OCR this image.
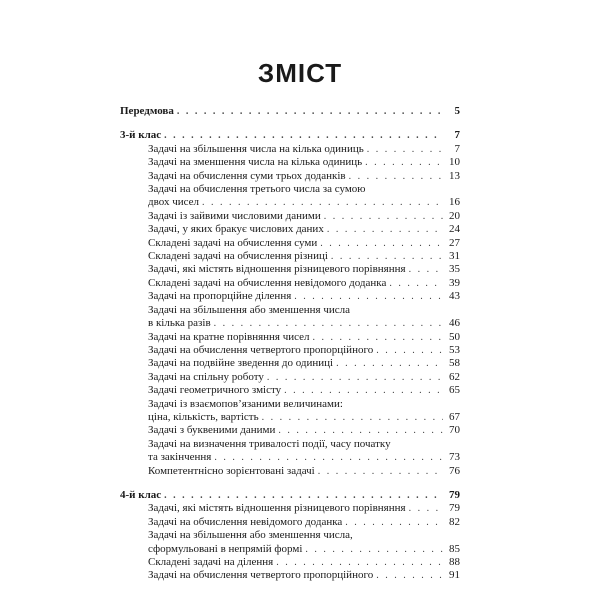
ЗМІСТ
Передмова . . .	5
3-й клас . . .	7
Задачі на збільшення числа на кілька одиниць . . .	7
Задачі на зменшення числа на кілька одиниць . . .	10
Задачі на обчислення суми трьох доданків . . .	13
Задачі на обчислення третього числа за сумою
двох чисел . . .	16
Задачі із зайвими числовими даними . . .	20
Задачі, у яких бракує числових даних . . .	24
Складені задачі на обчислення суми . . .	27
Складені задачі на обчислення різниці . . .	31
Задачі, які містять відношення різницевого порівняння . . .	35
Складені задачі на обчислення невідомого доданка . . .	39
Задачі на пропорційне ділення . . .	43
Задачі на збільшення або зменшення числа
в кілька разів . . .	46
Задачі на кратне порівняння чисел . . .	50
Задачі на обчислення четвертого пропорційного . . .	53
Задачі на подвійне зведення до одиниці . . .	58
Задачі на спільну роботу . . .	62
Задачі геометричного змісту . . .	65
Задачі із взаємопов’язаними величинами:
ціна, кількість, вартість . . .	67
Задачі з буквеними даними . . .	70
Задачі на визначення тривалості події, часу початку
та закінчення . . .	73
Компетентнісно зорієнтовані задачі . . .	76
4-й клас . . .	79
Задачі, які містять відношення різницевого порівняння . . .	79
Задачі на обчислення невідомого доданка . . .	82
Задачі на збільшення або зменшення числа,
сформульовані в непрямій формі . . .	85
Складені задачі на ділення . . .	88
Задачі на обчислення четвертого пропорційного . . .	91
